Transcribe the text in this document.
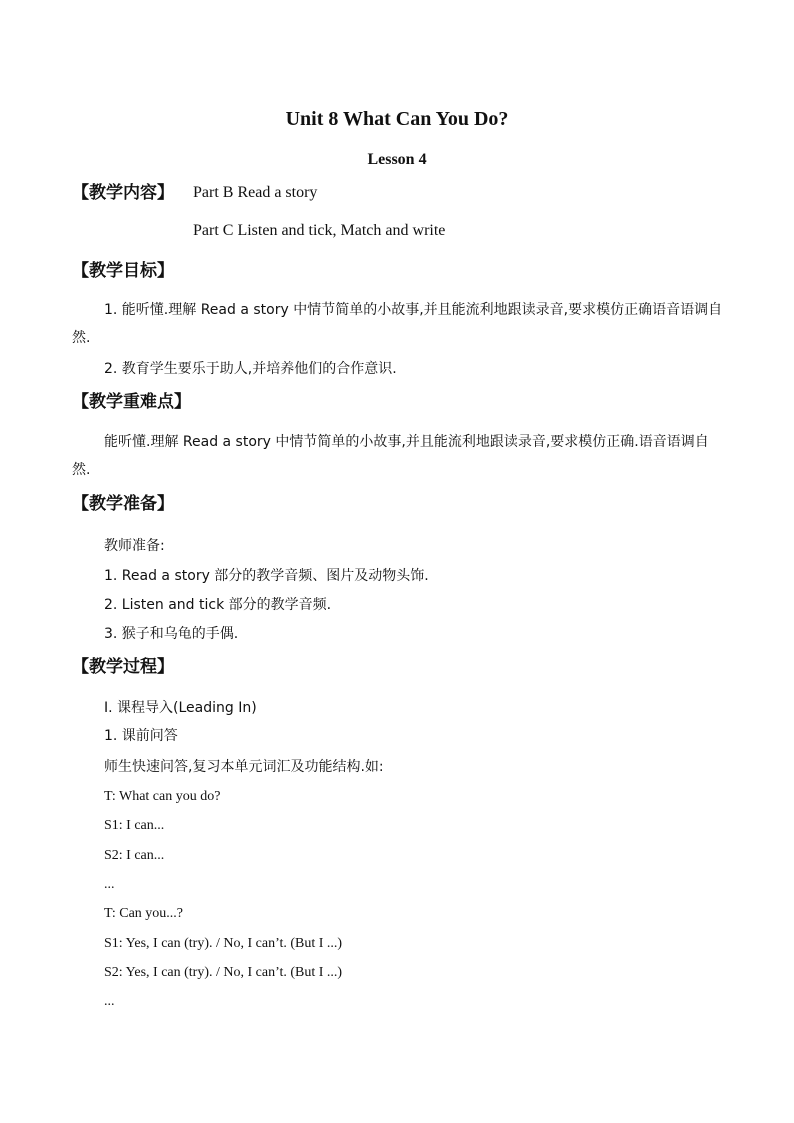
Unit 8 What Can You Do?
Lesson 4
【教学内容】 Part B Read a story
Part C Listen and tick, Match and write
【教学目标】
1. 能听懂.理解 Read a story 中情节简单的小故事,并且能流利地跟读录音,要求模仿正确语音语调自然.
2. 教育学生要乐于助人,并培养他们的合作意识.
【教学重难点】
能听懂.理解 Read a story 中情节简单的小故事,并且能流利地跟读录音,要求模仿正确.语音语调自然.
【教学准备】
教师准备:
1. Read a story 部分的教学音频、图片及动物头饰.
2. Listen and tick 部分的教学音频.
3. 猴子和乌龟的手偶.
【教学过程】
Ⅰ. 课程导入(Leading In)
1. 课前问答
师生快速问答,复习本单元词汇及功能结构.如:
T: What can you do?
S1: I can...
S2: I can...
...
T: Can you...?
S1: Yes, I can (try). / No, I can’t. (But I ...)
S2: Yes, I can (try). / No, I can’t. (But I ...)
...
